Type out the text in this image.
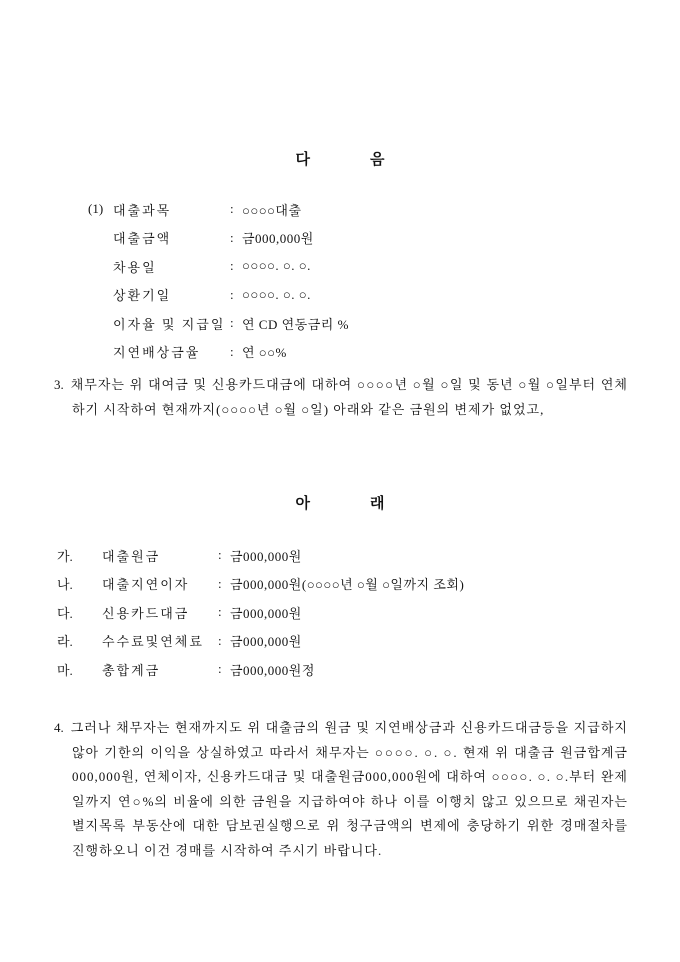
다	음
(1) 대출과목	: ○○○○대출
대출금액	: 금000,000원
차용일	: ○○○○. ○. ○.
상환기일	: ○○○○. ○. ○.
이자율 및 지급일 : 연 CD 연동금리 %
지연배상금율	: 연 ○○%
3. 채무자는 위 대여금 및 신용카드대금에 대하여 ○○○○년 ○월 ○일 및 동년 ○월 ○일부터 연체하기 시작하여 현재까지(○○○○년 ○월 ○일) 아래와 같은 금원의 변제가 없었고,
아	래
가.	대출원금	: 금000,000원
나.	대출지연이자	: 금000,000원(○○○○년 ○월 ○일까지 조회)
다.	신용카드대금	: 금000,000원
라.	수수료및연체료	: 금000,000원
마.	총합계금	: 금000,000원정
4. 그러나 채무자는 현재까지도 위 대출금의 원금 및 지연배상금과 신용카드대금등을 지급하지 않아 기한의 이익을 상실하였고 따라서 채무자는 ○○○○. ○. ○. 현재 위 대출금 원금합계금000,000원, 연체이자, 신용카드대금 및 대출원금000,000원에 대하여 ○○○○. ○. ○.부터 완제일까지 연○%의 비율에 의한 금원을 지급하여야 하나 이를 이행치 않고 있으므로 채권자는 별지목록 부동산에 대한 담보권실행으로 위 청구금액의 변제에 충당하기 위한 경매절차를 진행하오니 이건 경매를 시작하여 주시기 바랍니다.
